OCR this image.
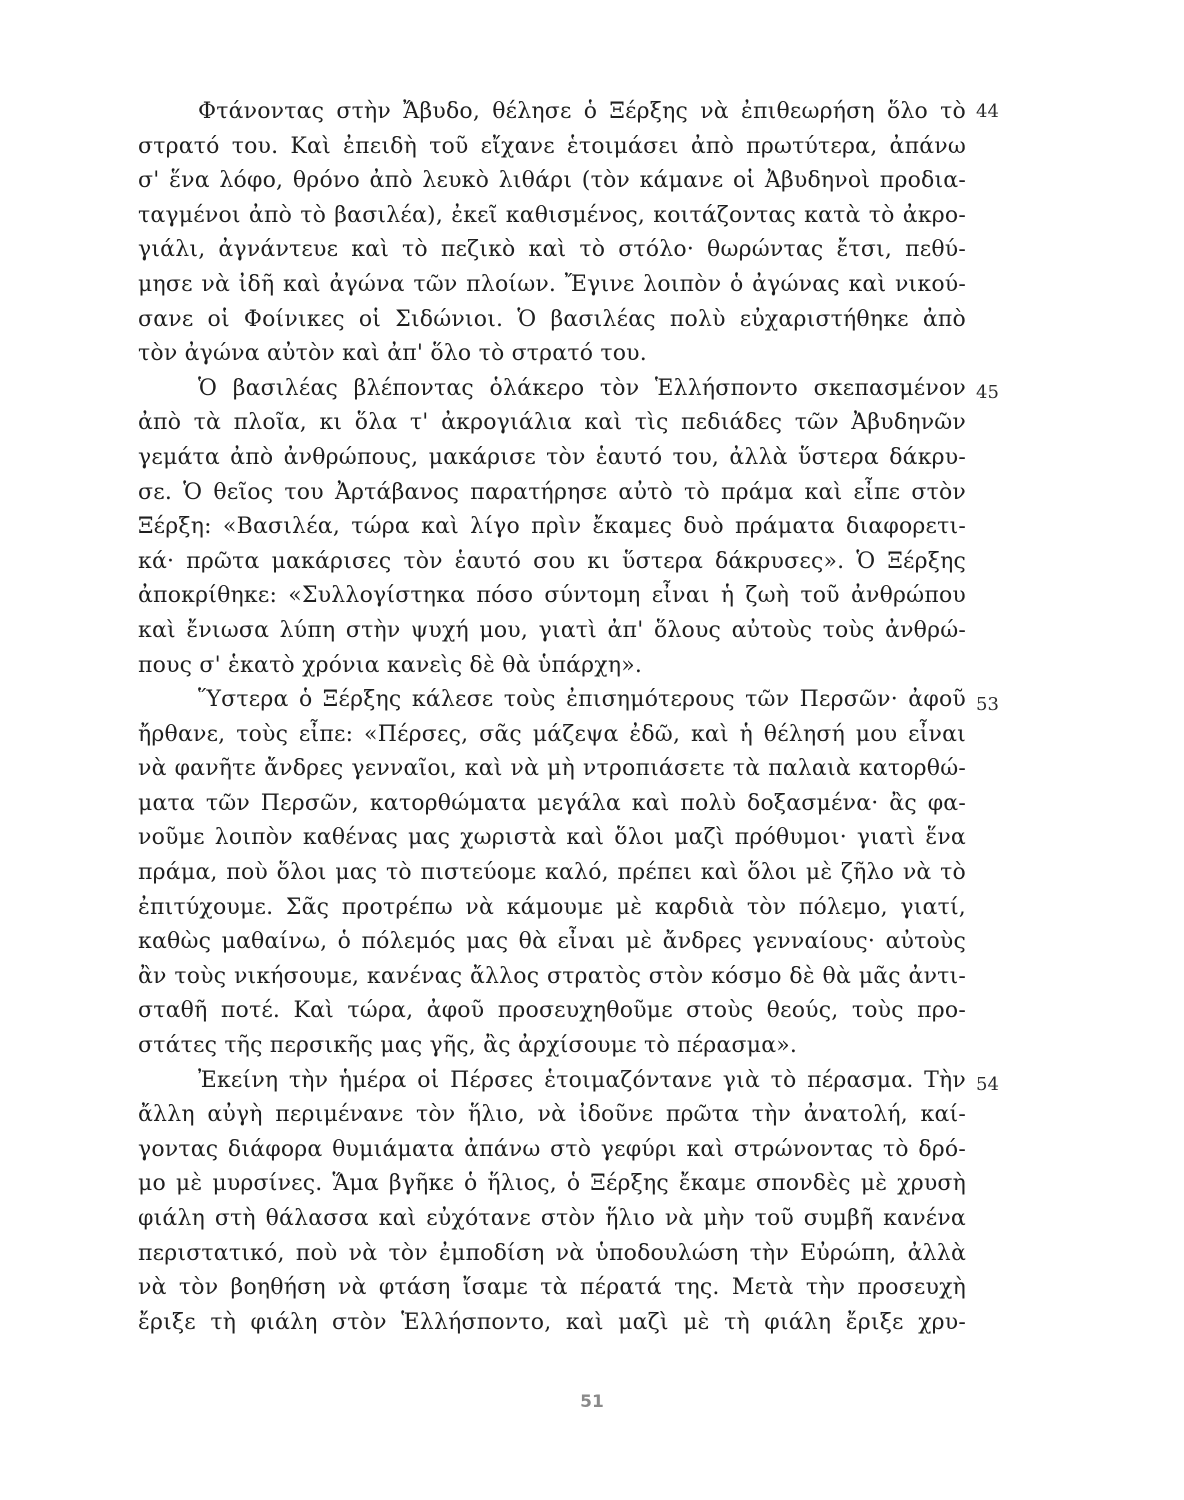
Φτάνοντας στὴν Ἄβυδο, θέλησε ὁ Ξέρξης νὰ ἐπιθεωρήση ὅλο τὸ
στρατό του. Καὶ ἐπειδὴ τοῦ εἴχανε ἑτοιμάσει ἀπὸ πρωτύτερα, ἀπάνω
σ' ἕνα λόφο, θρόνο ἀπὸ λευκὸ λιθάρι (τὸν κάμανε οἱ Ἀβυδηνοὶ προδια-
ταγμένοι ἀπὸ τὸ βασιλέα), ἐκεῖ καθισμένος, κοιτάζοντας κατὰ τὸ ἀκρο-
γιάλι, ἀγνάντευε καὶ τὸ πεζικὸ καὶ τὸ στόλο· θωρώντας ἔτσι, πεθύ-
μησε νὰ ἰδῆ καὶ ἀγώνα τῶν πλοίων. Ἔγινε λοιπὸν ὁ ἀγώνας καὶ νικού-
σανε οἱ Φοίνικες οἱ Σιδώνιοι. Ὁ βασιλέας πολὺ εὐχαριστήθηκε ἀπὸ
τὸν ἀγώνα αὐτὸν καὶ ἀπ' ὅλο τὸ στρατό του.
Ὁ βασιλέας βλέποντας ὁλάκερο τὸν Ἑλλήσποντο σκεπασμένον
ἀπὸ τὰ πλοῖα, κι ὅλα τ' ἀκρογιάλια καὶ τὶς πεδιάδες τῶν Ἀβυδηνῶν
γεμάτα ἀπὸ ἀνθρώπους, μακάρισε τὸν ἑαυτό του, ἀλλὰ ὕστερα δάκρυ-
σε. Ὁ θεῖος του Ἀρτάβανος παρατήρησε αὐτὸ τὸ πράμα καὶ εἶπε στὸν
Ξέρξη: «Βασιλέα, τώρα καὶ λίγο πρὶν ἔκαμες δυὸ πράματα διαφορετι-
κά· πρῶτα μακάρισες τὸν ἑαυτό σου κι ὕστερα δάκρυσες». Ὁ Ξέρξης
ἀποκρίθηκε: «Συλλογίστηκα πόσο σύντομη εἶναι ἡ ζωὴ τοῦ ἀνθρώπου
καὶ ἔνιωσα λύπη στὴν ψυχή μου, γιατὶ ἀπ' ὅλους αὐτοὺς τοὺς ἀνθρώ-
πους σ' ἑκατὸ χρόνια κανεὶς δὲ θὰ ὑπάρχη».
Ὕστερα ὁ Ξέρξης κάλεσε τοὺς ἐπισημότερους τῶν Περσῶν· ἀφοῦ
ἤρθανε, τοὺς εἶπε: «Πέρσες, σᾶς μάζεψα ἐδῶ, καὶ ἡ θέλησή μου εἶναι
νὰ φανῆτε ἄνδρες γενναῖοι, καὶ νὰ μὴ ντροπιάσετε τὰ παλαιὰ κατορθώ-
ματα τῶν Περσῶν, κατορθώματα μεγάλα καὶ πολὺ δοξασμένα· ἂς φα-
νοῦμε λοιπὸν καθένας μας χωριστὰ καὶ ὅλοι μαζὶ πρόθυμοι· γιατὶ ἕνα
πράμα, ποὺ ὅλοι μας τὸ πιστεύομε καλό, πρέπει καὶ ὅλοι μὲ ζῆλο νὰ τὸ
ἐπιτύχουμε. Σᾶς προτρέπω νὰ κάμουμε μὲ καρδιὰ τὸν πόλεμο, γιατί,
καθὼς μαθαίνω, ὁ πόλεμός μας θὰ εἶναι μὲ ἄνδρες γενναίους· αὐτοὺς
ἂν τοὺς νικήσουμε, κανένας ἄλλος στρατὸς στὸν κόσμο δὲ θὰ μᾶς ἀντι-
σταθῆ ποτέ. Καὶ τώρα, ἀφοῦ προσευχηθοῦμε στοὺς θεούς, τοὺς προ-
στάτες τῆς περσικῆς μας γῆς, ἂς ἀρχίσουμε τὸ πέρασμα».
Ἐκείνη τὴν ἡμέρα οἱ Πέρσες ἑτοιμαζόντανε γιὰ τὸ πέρασμα. Τὴν
ἄλλη αὐγὴ περιμένανε τὸν ἥλιο, νὰ ἰδοῦνε πρῶτα τὴν ἀνατολή, καί-
γοντας διάφορα θυμιάματα ἀπάνω στὸ γεφύρι καὶ στρώνοντας τὸ δρό-
μο μὲ μυρσίνες. Ἅμα βγῆκε ὁ ἥλιος, ὁ Ξέρξης ἔκαμε σπονδὲς μὲ χρυσὴ
φιάλη στὴ θάλασσα καὶ εὐχότανε στὸν ἥλιο νὰ μὴν τοῦ συμβῆ κανένα
περιστατικό, ποὺ νὰ τὸν ἐμποδίση νὰ ὑποδουλώση τὴν Εὐρώπη, ἀλλὰ
νὰ τὸν βοηθήση νὰ φτάση ἴσαμε τὰ πέρατά της. Μετὰ τὴν προσευχὴ
ἔριξε τὴ φιάλη στὸν Ἑλλήσποντο, καὶ μαζὶ μὲ τὴ φιάλη ἔριξε χρυ-
44
45
53
54
51
